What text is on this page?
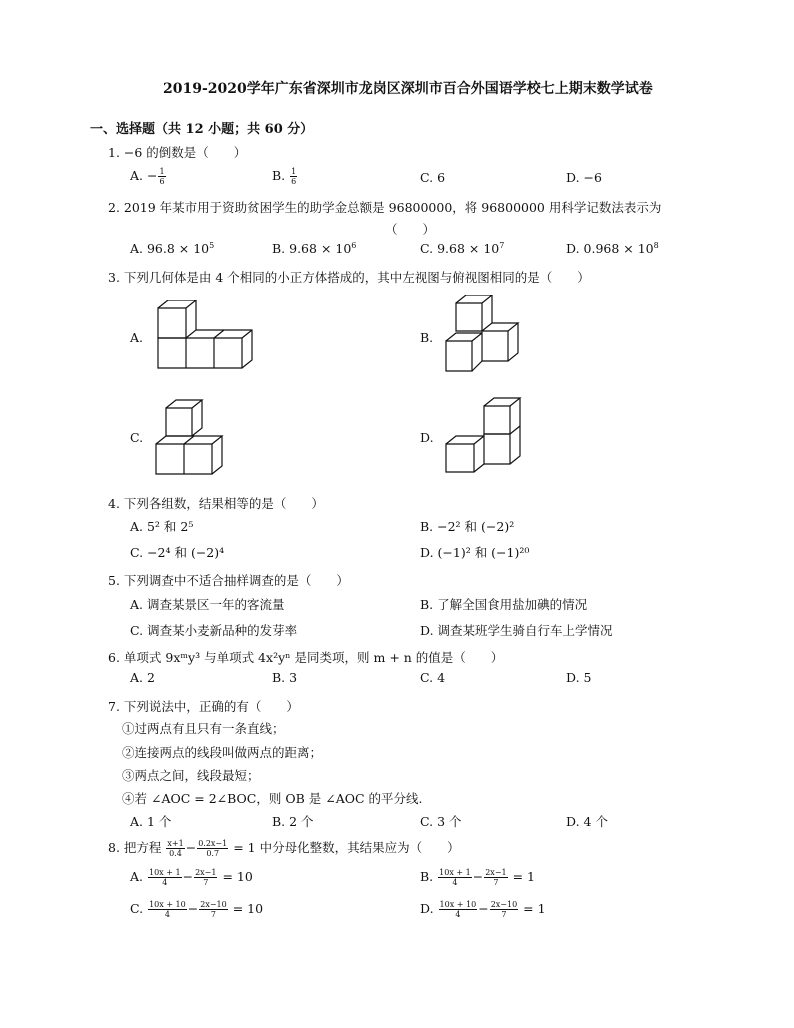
2019-2020学年广东省深圳市龙岗区深圳市百合外国语学校七上期末数学试卷
一、选择题（共 12 小题；共 60 分）
1. −6 的倒数是（　　）
A. − $\frac{1}{6}$	B. $\frac{1}{6}$	C. 6	D. −6
2. 2019 年某市用于资助贫困学生的助学金总额是 96800000，将 96800000 用科学记数法表示为
（　　）
A. $96.8 \times 10^5$	B. $9.68 \times 10^6$	C. $9.68 \times 10^7$	D. $0.968 \times 10^8$
3. 下列几何体是由 4 个相同的小正方体搭成的，其中左视图与俯视图相同的是（　　）
A.	B.
C.	D.
4. 下列各组数，结果相等的是（　　）
A. 5² 和 2⁵	B. −2² 和 (−2)²
C. −2⁴ 和 (−2)⁴	D. (−1)² 和 (−1)²⁰
5. 下列调查中不适合抽样调查的是（　　）
A. 调查某景区一年的客流量	B. 了解全国食用盐加碘的情况
C. 调查某小麦新品种的发芽率	D. 调查某班学生骑自行车上学情况
6. 单项式 9xᵐy³ 与单项式 4x²yⁿ 是同类项，则 m + n 的值是（　　）
A. 2	B. 3	C. 4	D. 5
7. 下列说法中，正确的有（　　）
①过两点有且只有一条直线；
②连接两点的线段叫做两点的距离；
③两点之间，线段最短；
④若 ∠AOC = 2∠BOC，则 OB 是 ∠AOC 的平分线.
A. 1 个	B. 2 个	C. 3 个	D. 4 个
8. 把方程 $\frac{x+1}{0.4} - \frac{0.2x-1}{0.7} = 1$ 中分母化整数，其结果应为（　　）
A. $\frac{10x + 1}{4} - \frac{2x-1}{7} = 10$	B. $\frac{10x + 1}{4} - \frac{2x-1}{7} = 1$
C. $\frac{10x + 10}{4} - \frac{2x-10}{7} = 10$	D. $\frac{10x + 10}{4} - \frac{2x-10}{7} = 1$
